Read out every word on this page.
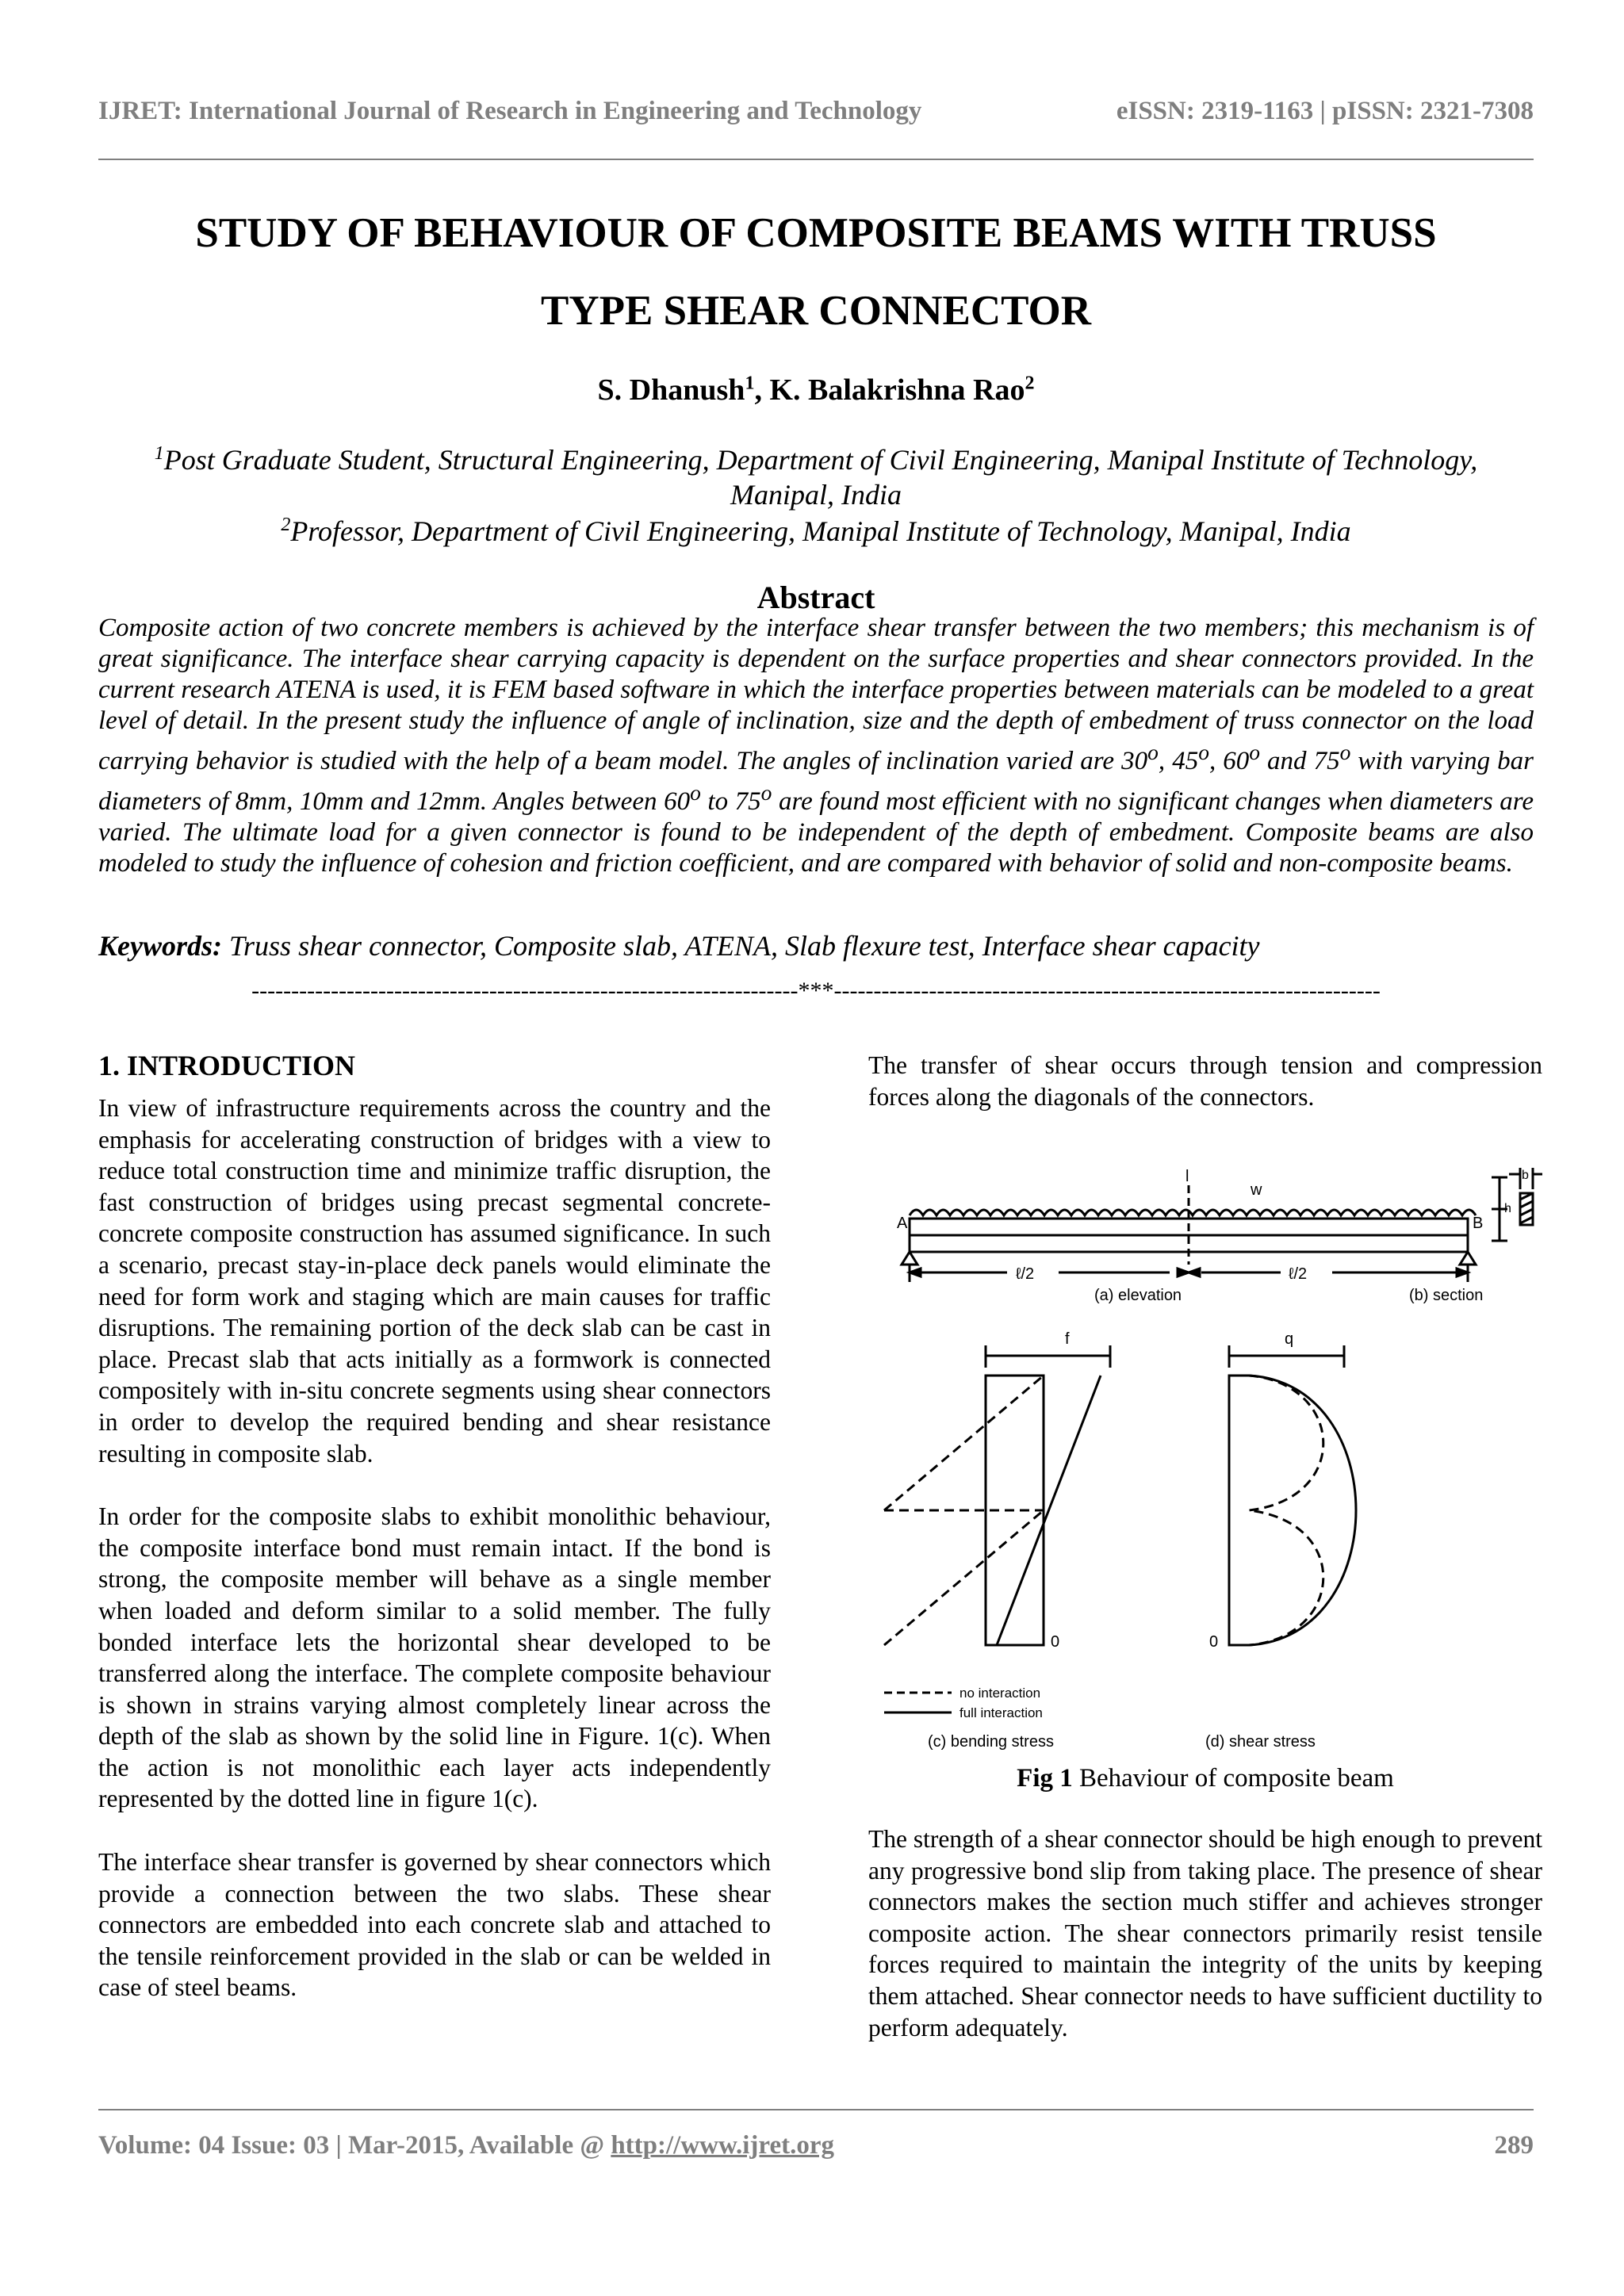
IJRET: International Journal of Research in Engineering and Technology	eISSN: 2319-1163 | pISSN: 2321-7308
STUDY OF BEHAVIOUR OF COMPOSITE BEAMS WITH TRUSS
TYPE SHEAR CONNECTOR
S. Dhanush$^1$, K. Balakrishna Rao$^2$
$^1$Post Graduate Student, Structural Engineering, Department of Civil Engineering, Manipal Institute of Technology,
Manipal, India
$^2$Professor, Department of Civil Engineering, Manipal Institute of Technology, Manipal, India
Abstract
Composite action of two concrete members is achieved by the interface shear transfer between the two members; this mechanism is of great significance. The interface shear carrying capacity is dependent on the surface properties and shear connectors provided. In the current research ATENA is used, it is FEM based software in which the interface properties between materials can be modeled to a great level of detail. In the present study the influence of angle of inclination, size and the depth of embedment of truss connector on the load carrying behavior is studied with the help of a beam model. The angles of inclination varied are 30$^o$, 45$^o$, 60$^o$ and 75$^o$ with varying bar diameters of 8mm, 10mm and 12mm. Angles between 60$^o$ to 75$^o$ are found most efficient with no significant changes when diameters are varied. The ultimate load for a given connector is found to be independent of the depth of embedment. Composite beams are also modeled to study the influence of cohesion and friction coefficient, and are compared with behavior of solid and non-composite beams.
Keywords: Truss shear connector, Composite slab, ATENA, Slab flexure test, Interface shear capacity
---------------------------------------------------------------------***---------------------------------------------------------------------
1. INTRODUCTION

In view of infrastructure requirements across the country and the emphasis for accelerating construction of bridges with a view to reduce total construction time and minimize traffic disruption, the fast construction of bridges using precast segmental concrete-concrete composite construction has assumed significance. In such a scenario, precast stay-in-place deck panels would eliminate the need for form work and staging which are main causes for traffic disruptions. The remaining portion of the deck slab can be cast in place. Precast slab that acts initially as a formwork is connected compositely with in-situ concrete segments using shear connectors in order to develop the required bending and shear resistance resulting in composite slab.

In order for the composite slabs to exhibit monolithic behaviour, the composite interface bond must remain intact. If the bond is strong, the composite member will behave as a single member when loaded and deform similar to a solid member. The fully bonded interface lets the horizontal shear developed to be transferred along the interface. The complete composite behaviour is shown in strains varying almost completely linear across the depth of the slab as shown by the solid line in Figure. 1(c). When the action is not monolithic each layer acts independently represented by the dotted line in figure 1(c).

The interface shear transfer is governed by shear connectors which provide a connection between the two slabs. These shear connectors are embedded into each concrete slab and attached to the tensile reinforcement provided in the slab or can be welded in case of steel beams.

The transfer of shear occurs through tension and compression forces along the diagonals of the connectors.

A	B
l
w
ℓ/2	ℓ/2
(a) elevation	(b) section
b
h
f	q
0	0
no interaction
full interaction
(c) bending stress	(d) shear stress
Fig 1 Behaviour of composite beam

The strength of a shear connector should be high enough to prevent any progressive bond slip from taking place. The presence of shear connectors makes the section much stiffer and achieves stronger composite action. The shear connectors primarily resist tensile forces required to maintain the integrity of the units by keeping them attached. Shear connector needs to have sufficient ductility to perform adequately.

Volume: 04 Issue: 03 | Mar-2015, Available @ http://www.ijret.org	289
